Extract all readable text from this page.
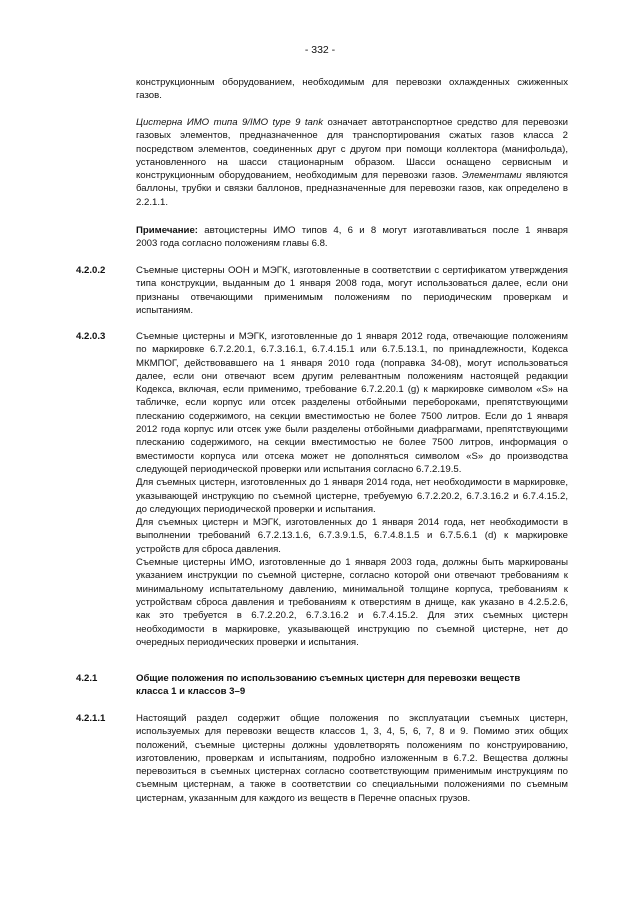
- 332 -
конструкционным оборудованием, необходимым для перевозки охлажденных сжиженных
газов.
Цистерна ИМО типа 9/IMO type 9 tank означает автотранспортное средство для перевозки
газовых элементов, предназначенное для транспортирования сжатых газов класса 2
посредством элементов, соединенных друг с другом при помощи коллектора (манифольда),
установленного на шасси стационарным образом. Шасси оснащено сервисным и
конструкционным оборудованием, необходимым для перевозки газов. Элементами являются
баллоны, трубки и связки баллонов, предназначенные для перевозки газов, как определено в
2.2.1.1.
Примечание: автоцистерны ИМО типов 4, 6 и 8 могут изготавливаться после 1 января
2003 года согласно положениям главы 6.8.
4.2.0.2	Съемные цистерны ООН и МЭГК, изготовленные в соответствии с сертификатом утверждения
типа конструкции, выданным до 1 января 2008 года, могут использоваться далее, если они
признаны отвечающими применимым положениям по периодическим проверкам и
испытаниям.
4.2.0.3	Съемные цистерны и МЭГК, изготовленные до 1 января 2012 года, отвечающие положениям
по маркировке 6.7.2.20.1, 6.7.3.16.1, 6.7.4.15.1 или 6.7.5.13.1, по принадлежности, Кодекса
МКМПОГ, действовавшего на 1 января 2010 года (поправка 34-08), могут использоваться
далее, если они отвечают всем другим релевантным положениям настоящей редакции
Кодекса, включая, если применимо, требование 6.7.2.20.1 (g) к маркировке символом «S» на
табличке, если корпус или отсек разделены отбойными перебороками, препятствующими
плесканию содержимого, на секции вместимостью не более 7500 литров. Если до 1 января
2012 года корпус или отсек уже были разделены отбойными диафрагмами, препятствующими
плесканию содержимого, на секции вместимостью не более 7500 литров, информация о
вместимости корпуса или отсека может не дополняться символом «S» до производства
следующей периодической проверки или испытания согласно 6.7.2.19.5.
Для съемных цистерн, изготовленных до 1 января 2014 года, нет необходимости в маркировке,
указывающей инструкцию по съемной цистерне, требуемую 6.7.2.20.2, 6.7.3.16.2 и 6.7.4.15.2,
до следующих периодической проверки и испытания.
Для съемных цистерн и МЭГК, изготовленных до 1 января 2014 года, нет необходимости в
выполнении требований 6.7.2.13.1.6, 6.7.3.9.1.5, 6.7.4.8.1.5 и 6.7.5.6.1 (d) к маркировке
устройств для сброса давления.
Съемные цистерны ИМО, изготовленные до 1 января 2003 года, должны быть маркированы
указанием инструкции по съемной цистерне, согласно которой они отвечают требованиям к
минимальному испытательному давлению, минимальной толщине корпуса, требованиям к
устройствам сброса давления и требованиям к отверстиям в днище, как указано в 4.2.5.2.6,
как это требуется в 6.7.2.20.2, 6.7.3.16.2 и 6.7.4.15.2. Для этих съемных цистерн
необходимости в маркировке, указывающей инструкцию по съемной цистерне, нет до
очередных периодических проверки и испытания.
4.2.1	Общие положения по использованию съемных цистерн для перевозки веществ
класса 1 и классов 3–9
4.2.1.1	Настоящий раздел содержит общие положения по эксплуатации съемных цистерн,
используемых для перевозки веществ классов 1, 3, 4, 5, 6, 7, 8 и 9. Помимо этих общих
положений, съемные цистерны должны удовлетворять положениям по конструированию,
изготовлению, проверкам и испытаниям, подробно изложенным в 6.7.2. Вещества должны
перевозиться в съемных цистернах согласно соответствующим применимым инструкциям по
съемным цистернам, а также в соответствии со специальными положениями по съемным
цистернам, указанным для каждого из веществ в Перечне опасных грузов.
